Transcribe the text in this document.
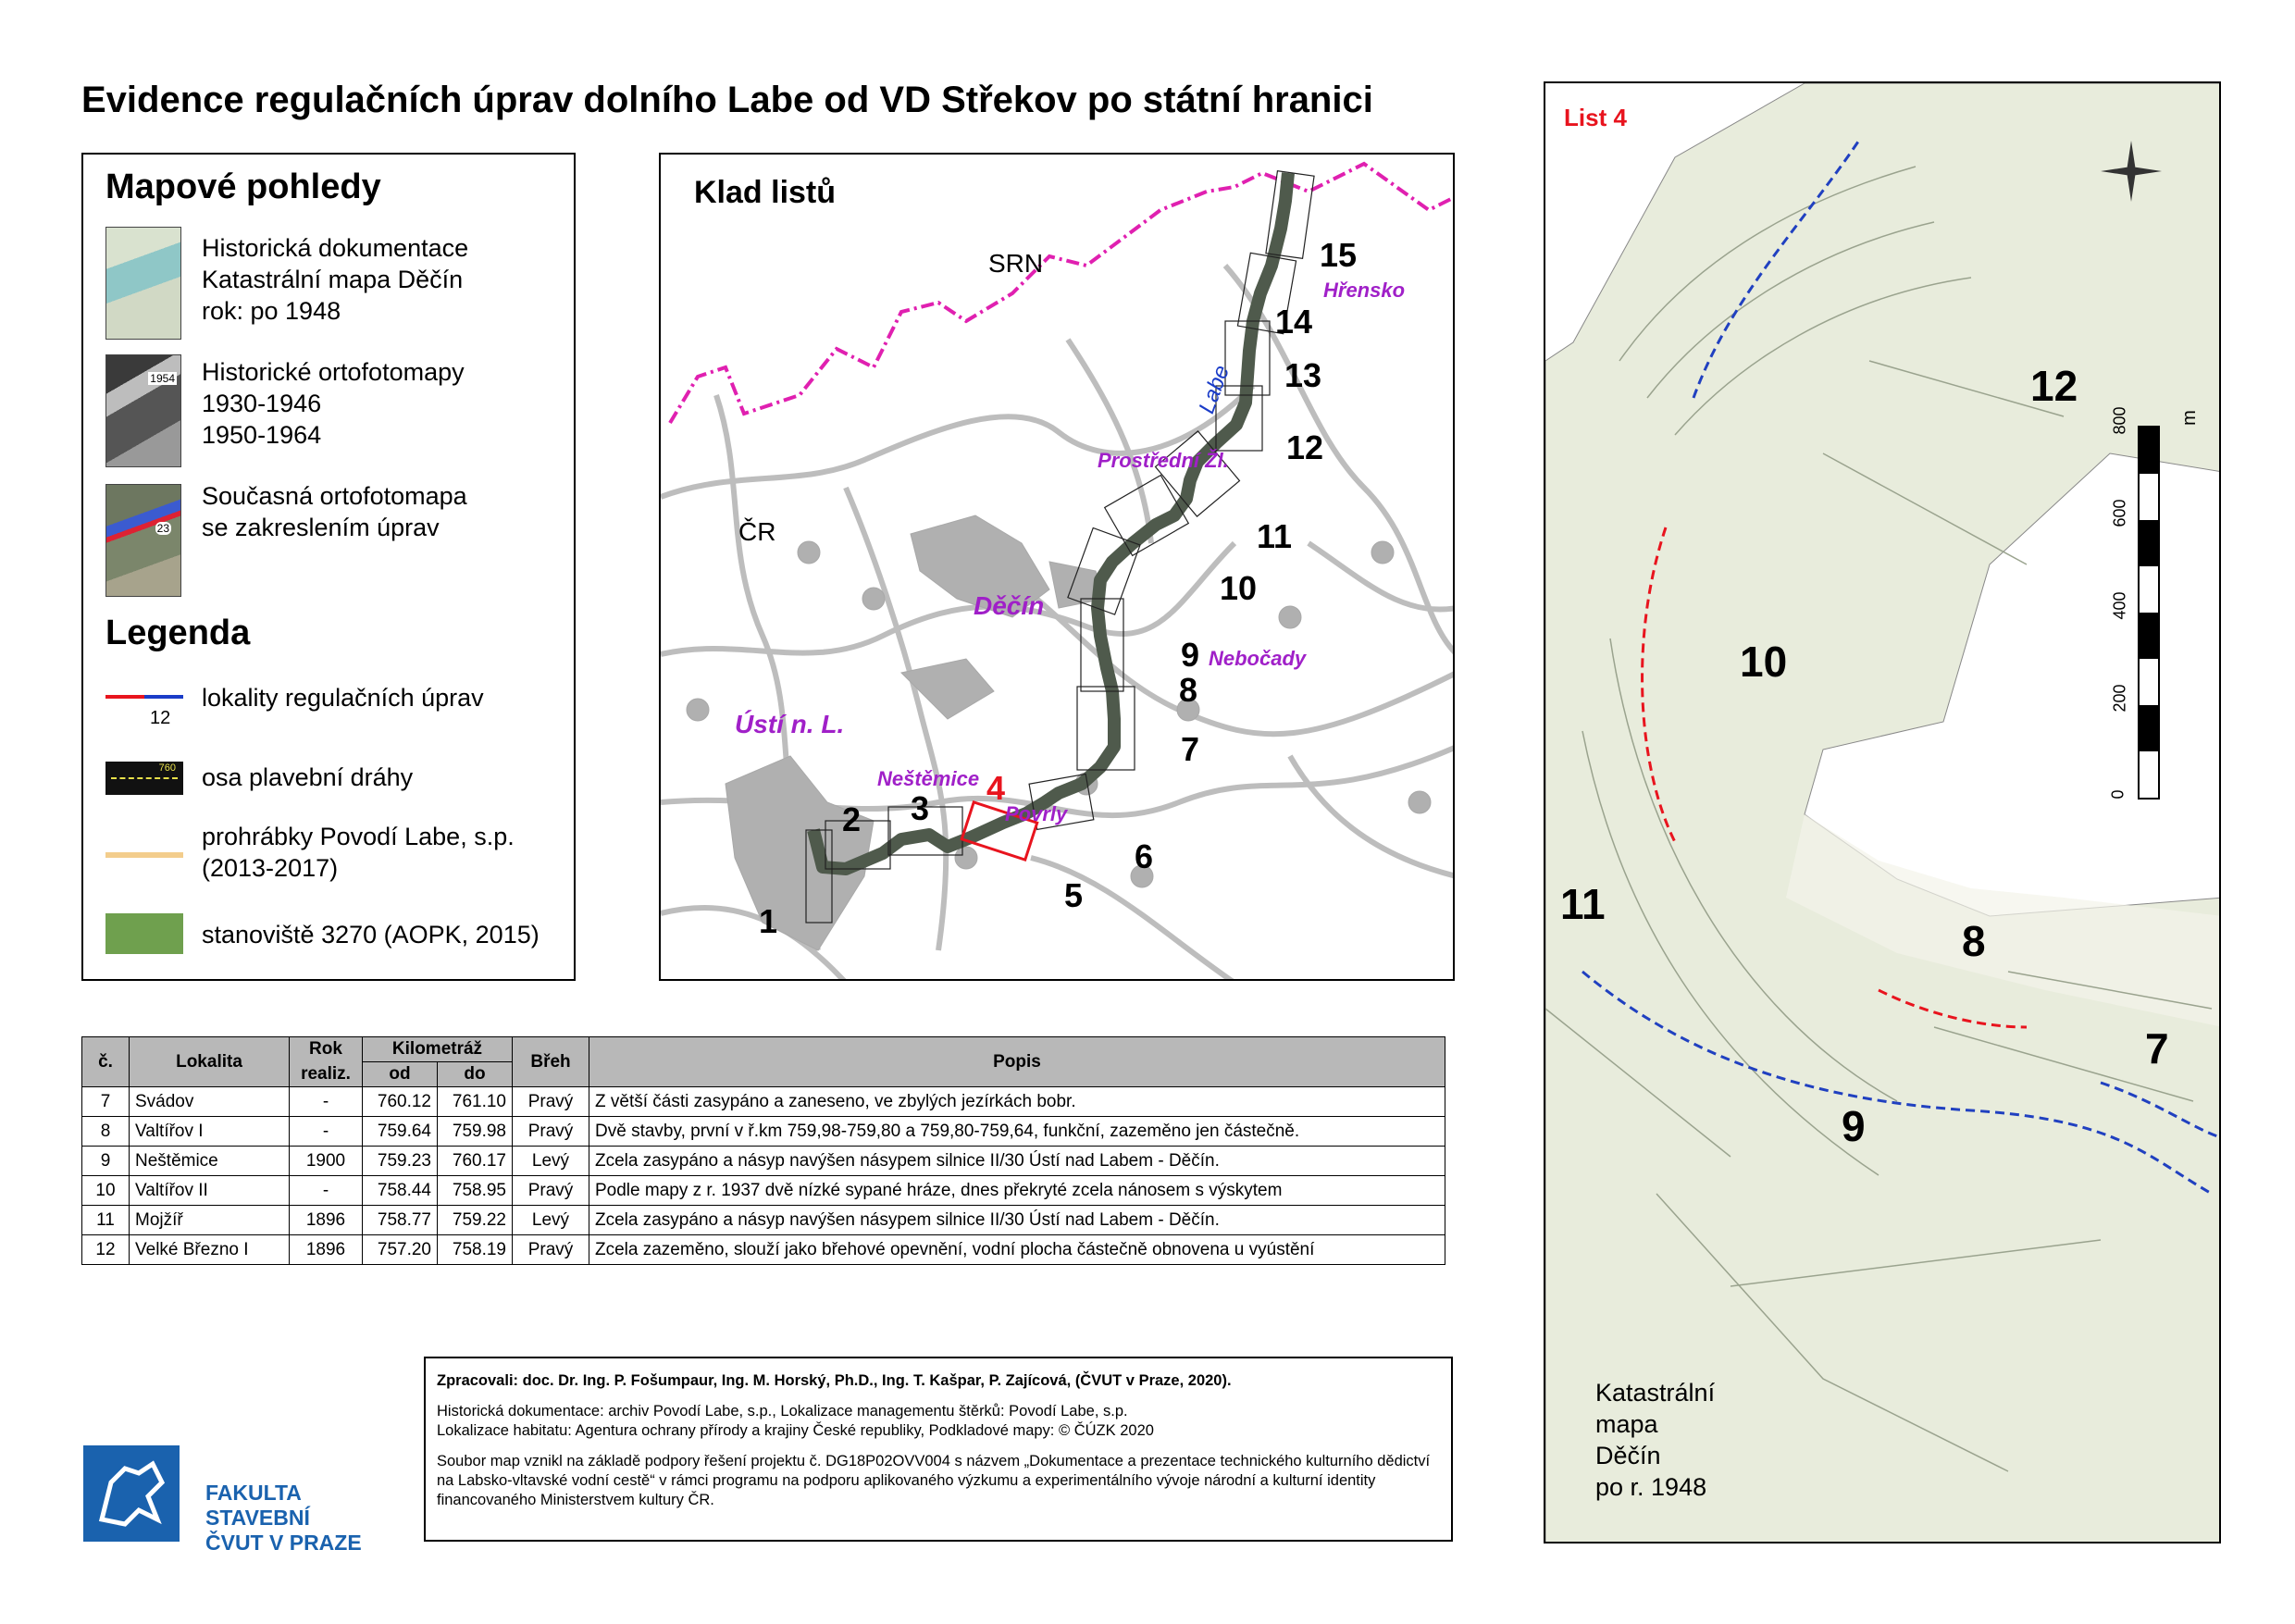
Evidence regulačních úprav dolního Labe od VD Střekov po státní hranici
Mapové pohledy
Historická dokumentace
Katastrální mapa Děčín
rok: po 1948
1954 Historické ortofotomapy
1930-1946
1950-1964
23
Současná ortofotomapa
se zakreslením úprav
Legenda
12
lokality regulačních úprav
760 osa plavební dráhy
prohrábky Povodí Labe, s.p. (2013-2017)
stanoviště 3270 (AOPK, 2015)
Klad listů
SRN
ČR
Labe
Děčín
Ústí n. L.
Neštěmice
Povrly
Nebočady
Prostřední Žl.
Hřensko
1
2 3
4
5
6
7
8
9
10
11
12
13
14
15
List 4
m
0
200
400
600
800
12
10
11
8
7
9
Katastrální
mapa
Děčín
po r. 1948
č.	Lokalita	Rok	Kilometráž		Břeh	Popis
		realiz.	od	do		
7	Svádov	-	760.12	761.10	Pravý	Z větší části zasypáno a zaneseno, ve zbylých jezírkách bobr.
8	Valtířov I	-	759.64	759.98	Pravý	Dvě stavby, první v ř.km 759,98-759,80 a 759,80-759,64, funkční, zazeměno jen částečně.
9	Neštěmice	1900	759.23	760.17	Levý	Zcela zasypáno a násyp navýšen násypem silnice II/30 Ústí nad Labem - Děčín.
10	Valtířov II	-	758.44	758.95	Pravý	Podle mapy z r. 1937 dvě nízké sypané hráze, dnes překryté zcela nánosem s výskytem
11	Mojžíř	1896	758.77	759.22	Levý	Zcela zasypáno a násyp navýšen násypem silnice II/30 Ústí nad Labem - Děčín.
12	Velké Březno I	1896	757.20	758.19	Pravý	Zcela zazeměno, slouží jako břehové opevnění, vodní plocha částečně obnovena u vyústění

Zpracovali: doc. Dr. Ing. P. Fošumpaur, Ing. M. Horský, Ph.D., Ing. T. Kašpar, P. Zajícová, (ČVUT v Praze, 2020).

Historická dokumentace: archiv Povodí Labe, s.p., Lokalizace managementu štěrků: Povodí Labe, s.p.

Lokalizace habitatu: Agentura ochrany přírody a krajiny České republiky, Podkladové mapy: © ČÚZK 2020

Soubor map vznikl na základě podpory řešení projektu č. DG18P02OVV004 s názvem „Dokumentace a prezentace technického kulturního dědictví na Labsko-vltavské vodní cestě“ v rámci programu na podporu aplikovaného výzkumu a experimentálního vývoje národní a kulturní identity financovaného Ministerstvem kultury ČR.
FAKULTA
STAVEBNÍ
ČVUT V PRAZE
